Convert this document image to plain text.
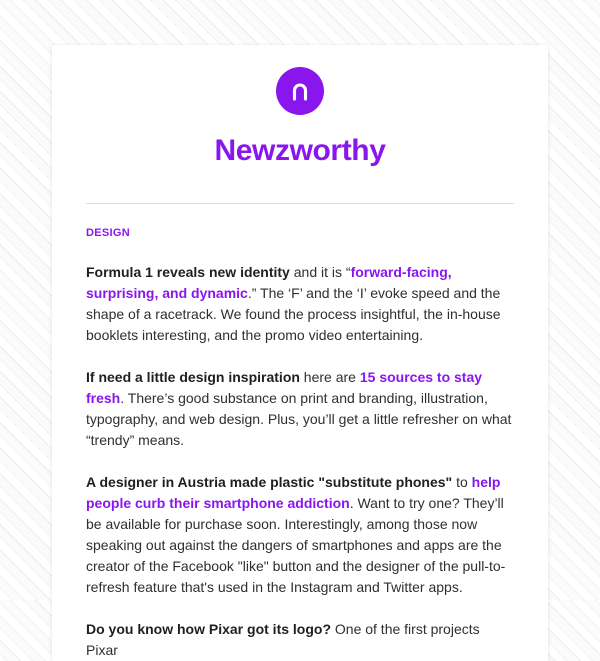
Newzworthy
DESIGN

Formula 1 reveals new identity and it is “forward-facing, surprising, and dynamic.” The ‘F’ and the ‘I’ evoke speed and the shape of a racetrack. We found the process insightful, the in-house booklets interesting, and the promo video entertaining.

If need a little design inspiration here are 15 sources to stay fresh. There’s good substance on print and branding, illustration, typography, and web design. Plus, you’ll get a little refresher on what “trendy” means.

A designer in Austria made plastic "substitute phones" to help people curb their smartphone addiction. Want to try one? They’ll be available for purchase soon. Interestingly, among those now speaking out against the dangers of smartphones and apps are the creator of the Facebook "like" button and the designer of the pull-to-refresh feature that's used in the Instagram and Twitter apps.

Do you know how Pixar got its logo? One of the first projects Pixar
